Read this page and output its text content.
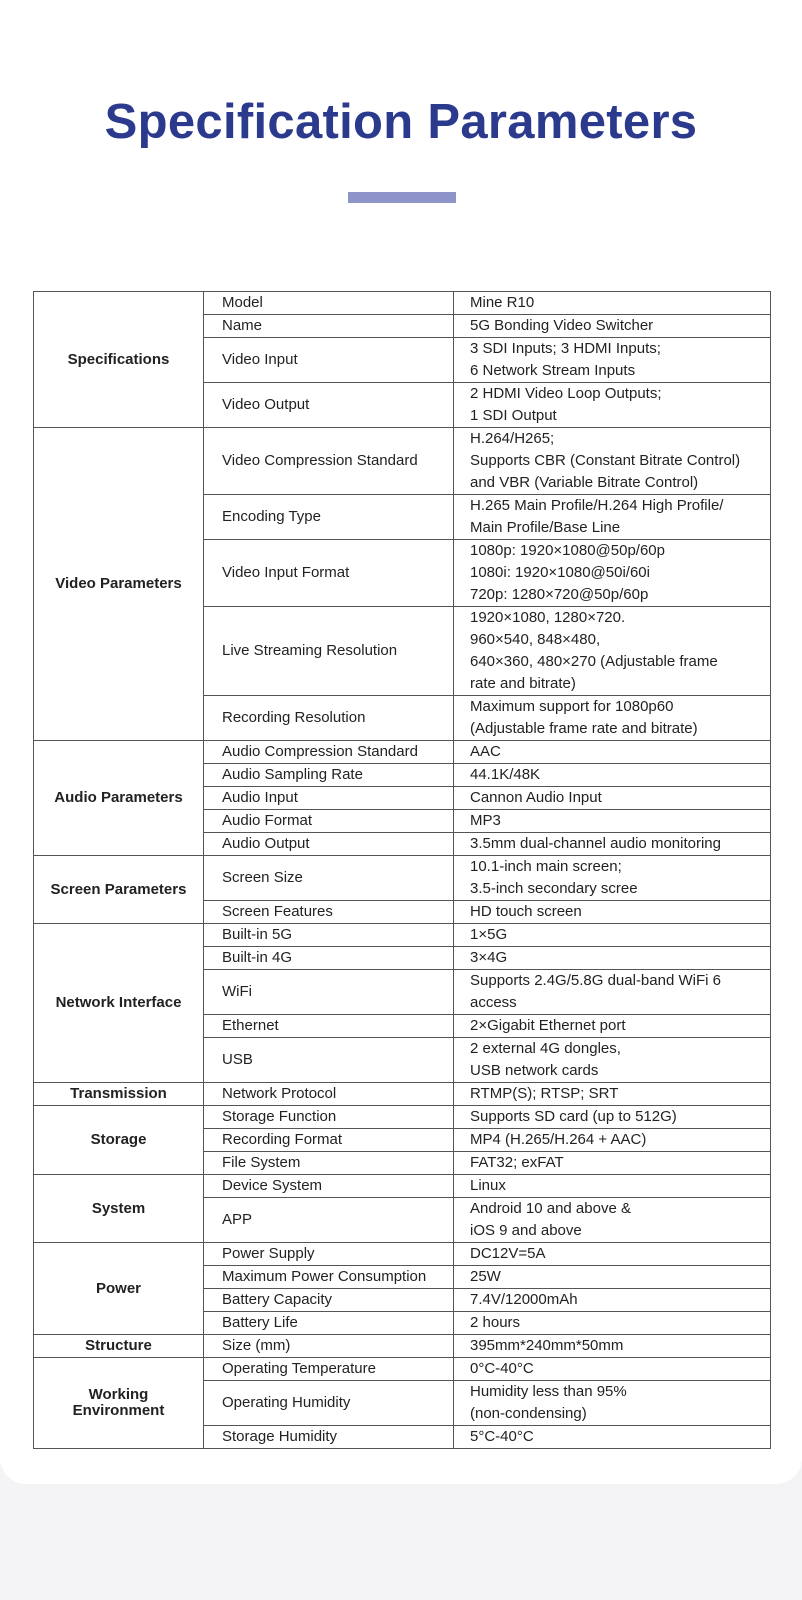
Specification Parameters
Specifications	Model	Mine R10
	Name	5G Bonding Video Switcher
	Video Input	3 SDI Inputs; 3 HDMI Inputs;
6 Network Stream Inputs
	Video Output	2 HDMI Video Loop Outputs;
1 SDI Output
Video Parameters	Video Compression Standard	H.264/H265;
Supports CBR (Constant Bitrate Control)
and VBR (Variable Bitrate Control)
	Encoding Type	H.265 Main Profile/H.264 High Profile/
Main Profile/Base Line
	Video Input Format	1080p: 1920×1080@50p/60p
1080i: 1920×1080@50i/60i
720p: 1280×720@50p/60p
	Live Streaming Resolution	1920×1080, 1280×720.
960×540, 848×480,
640×360, 480×270 (Adjustable frame
rate and bitrate)
	Recording Resolution	Maximum support for 1080p60
(Adjustable frame rate and bitrate)
Audio Parameters	Audio Compression Standard	AAC
	Audio Sampling Rate	44.1K/48K
	Audio Input	Cannon Audio Input
	Audio Format	MP3
	Audio Output	3.5mm dual-channel audio monitoring
Screen Parameters	Screen Size	10.1-inch main screen;
3.5-inch secondary scree
	Screen Features	HD touch screen
Network Interface	Built-in 5G	1×5G
	Built-in 4G	3×4G
	WiFi	Supports 2.4G/5.8G dual-band WiFi 6
access
	Ethernet	2×Gigabit Ethernet port
	USB	2 external 4G dongles,
USB network cards
Transmission	Network Protocol	RTMP(S); RTSP; SRT
Storage	Storage Function	Supports SD card (up to 512G)
	Recording Format	MP4 (H.265/H.264 + AAC)
	File System	FAT32; exFAT
System	Device System	Linux
	APP	Android 10 and above &
iOS 9 and above
Power	Power Supply	DC12V=5A
	Maximum Power Consumption	25W
	Battery Capacity	7.4V/12000mAh
	Battery Life	2 hours
Structure	Size (mm)	395mm*240mm*50mm
Working
Environment	Operating Temperature	0°C-40°C
	Operating Humidity	Humidity less than 95%
(non-condensing)
	Storage Humidity	5°C-40°C
